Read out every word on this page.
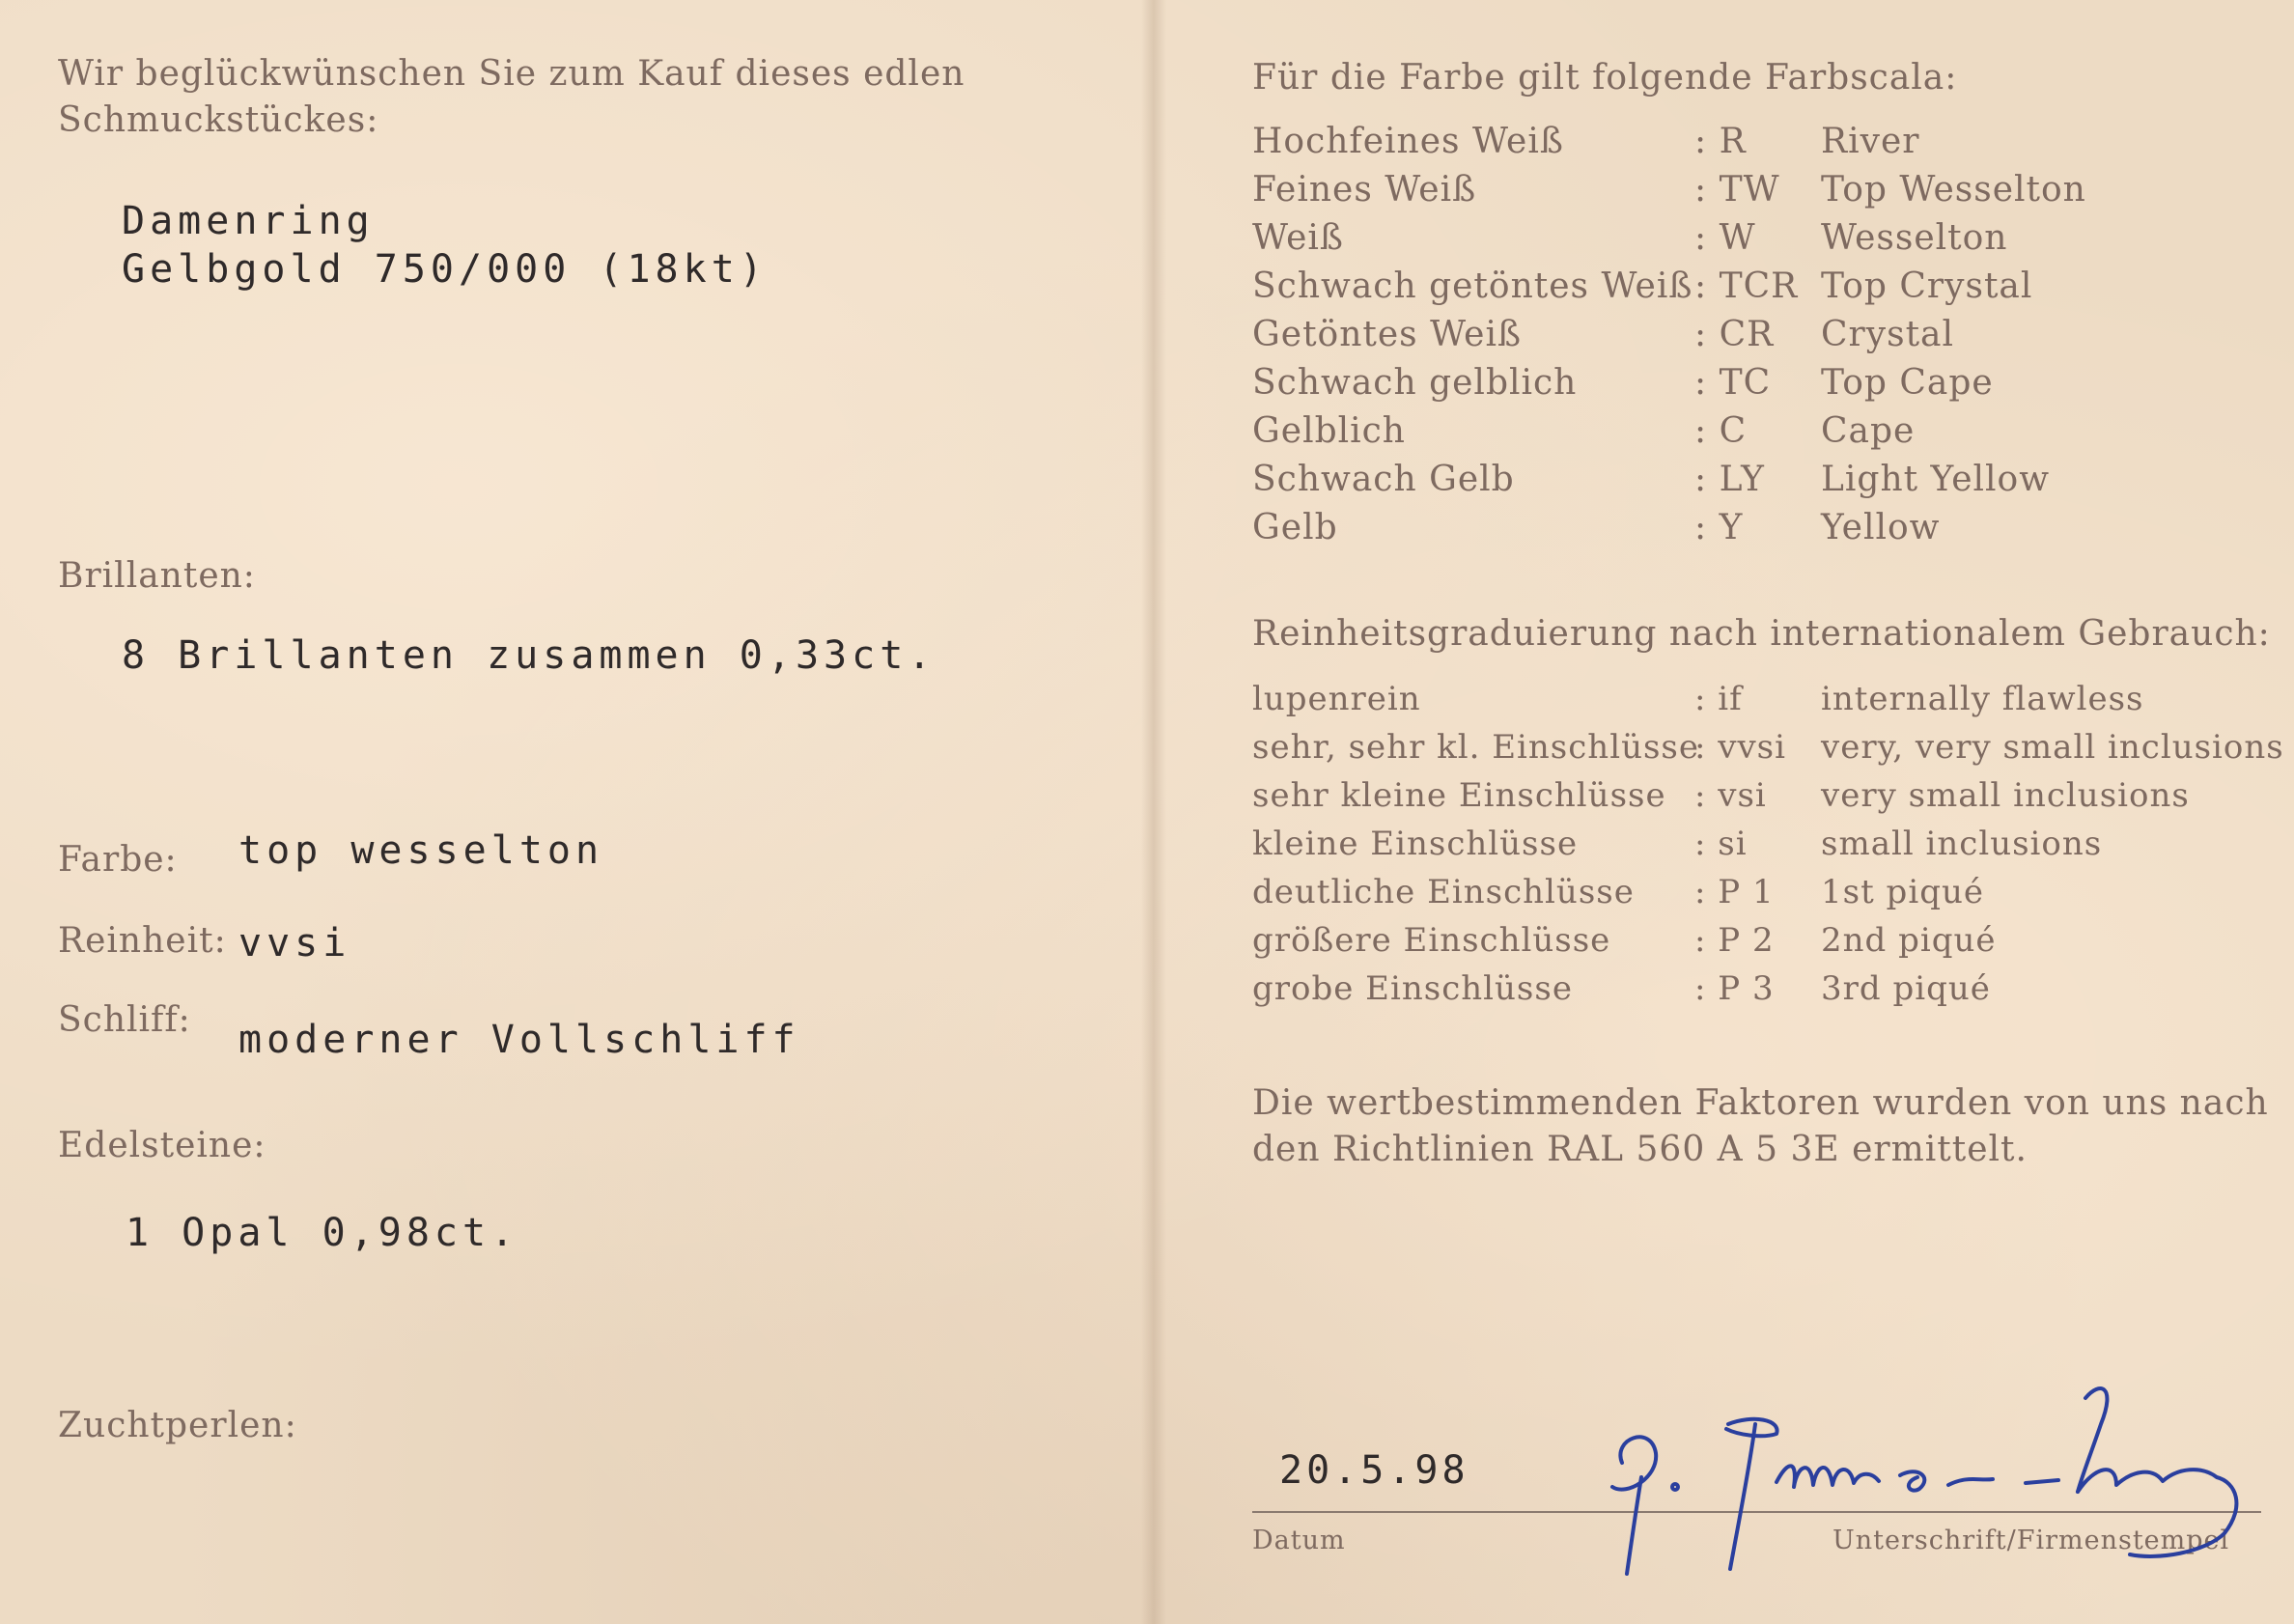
Wir beglückwünschen Sie zum Kauf dieses edlen
Schmuckstückes:
Damenring
Gelbgold 750/000 (18kt)
Brillanten:
8 Brillanten zusammen 0,33ct.
Farbe: top wesselton
Reinheit: vvsi
Schliff: moderner Vollschliff
Edelsteine:
1 Opal 0,98ct.
Zuchtperlen:
Für die Farbe gilt folgende Farbscala:
Hochfeines Weiß	: R River
Feines Weiß	: TW Top Wesselton
Weiß	: W Wesselton
Schwach getöntes Weiß : TCR Top Crystal
Getöntes Weiß	: CR Crystal
Schwach gelblich	: TC Top Cape
Gelblich	: C Cape
Schwach Gelb	: LY Light Yellow
Gelb	: Y Yellow
Reinheitsgraduierung nach internationalem Gebrauch:
lupenrein	: if internally flawless
sehr, sehr kl. Einschlüsse
: vvsi very, very small inclusions
sehr kleine Einschlüsse : vsi very small inclusions
kleine Einschlüsse	: si small inclusions
deutliche Einschlüsse : P 1 1st piqué
größere Einschlüsse	: P 2 2nd piqué
grobe Einschlüsse	: P 3 3rd piqué
Die wertbestimmenden Faktoren wurden von uns nach
den Richtlinien RAL 560 A 5 3E ermittelt.
20.5.98
Datum	Unterschrift/Firmenstempel
